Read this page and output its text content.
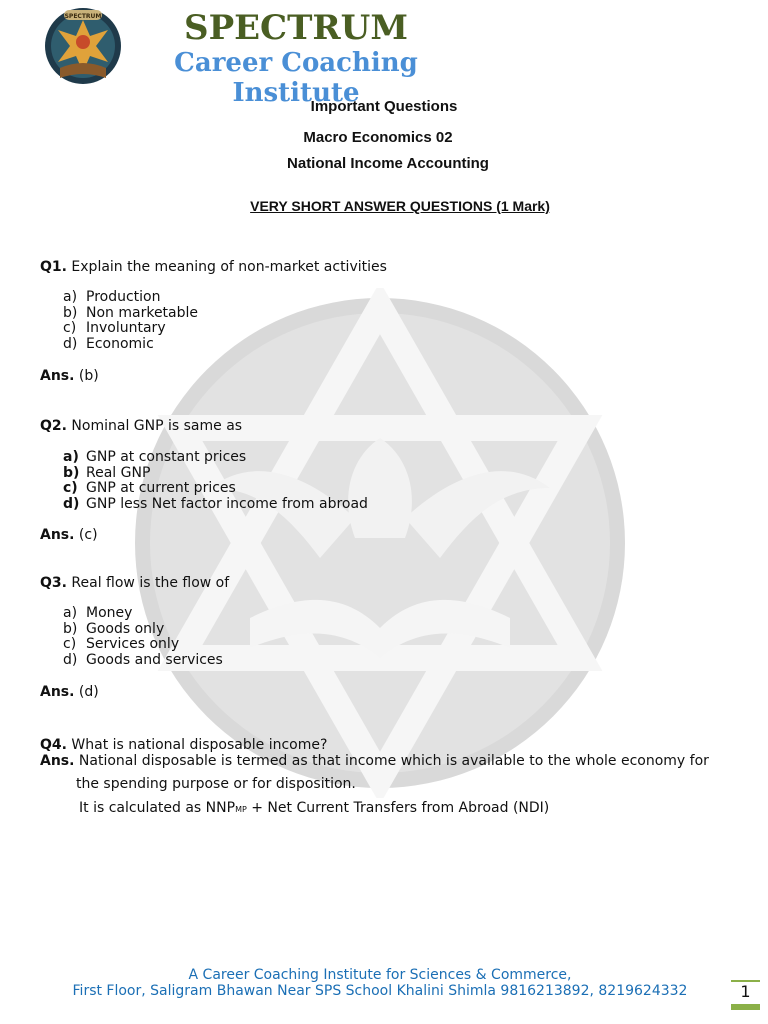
SPECTRUM	SPECTRUM
Career Coaching Institute
Important Questions
Macro Economics 02
National Income Accounting
VERY SHORT ANSWER QUESTIONS (1 Mark)
Q1. Explain the meaning of non-market activities
a) Production
b) Non marketable
c) Involuntary
d) Economic
Ans. (b)
Q2. Nominal GNP is same as
a) GNP at constant prices
b) Real GNP
c) GNP at current prices
d) GNP less Net factor income from abroad
Ans. (c)
Q3. Real flow is the flow of
a) Money
b) Goods only
c) Services only
d) Goods and services
Ans. (d)
Q4. What is national disposable income?
Ans. National disposable is termed as that income which is available to the whole economy for
the spending purpose or for disposition.
It is calculated as NNPMP + Net Current Transfers from Abroad (NDI)
A Career Coaching Institute for Sciences & Commerce,
First Floor, Saligram Bhawan Near SPS School Khalini Shimla 9816213892, 8219624332	1
